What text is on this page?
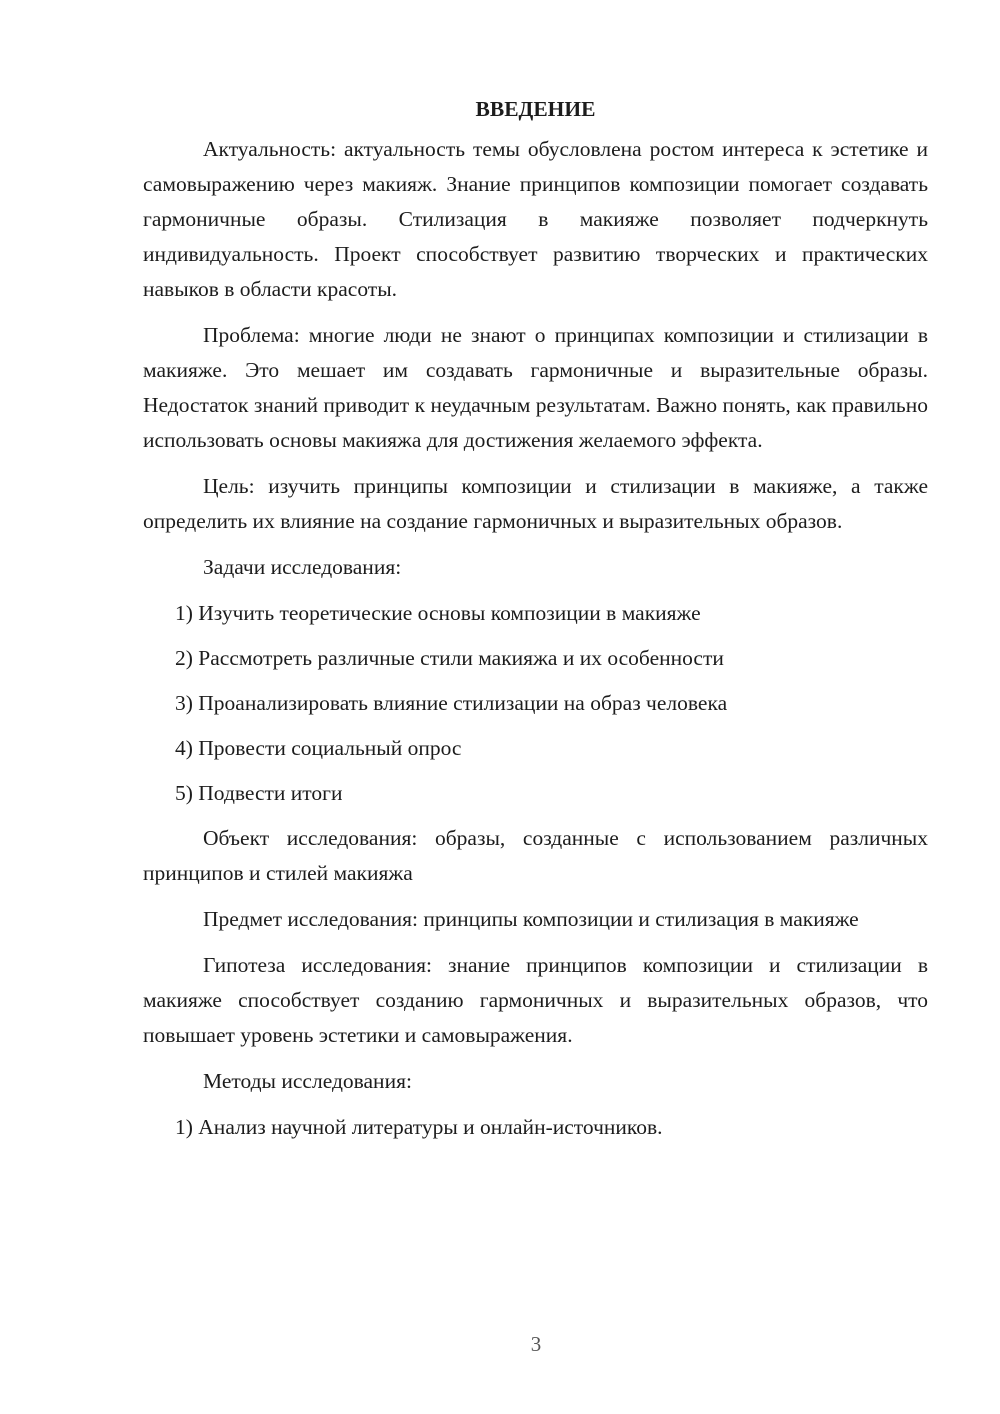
ВВЕДЕНИЕ

Актуальность: актуальность темы обусловлена ростом интереса к эстетике и самовыражению через макияж. Знание принципов композиции помогает создавать гармоничные образы. Стилизация в макияже позволяет подчеркнуть индивидуальность. Проект способствует развитию творческих и практических навыков в области красоты.

Проблема: многие люди не знают о принципах композиции и стилизации в макияже. Это мешает им создавать гармоничные и выразительные образы. Недостаток знаний приводит к неудачным результатам. Важно понять, как правильно использовать основы макияжа для достижения желаемого эффекта.

Цель: изучить принципы композиции и стилизации в макияже, а также определить их влияние на создание гармоничных и выразительных образов.

Задачи исследования:

1) Изучить теоретические основы композиции в макияже
2) Рассмотреть различные стили макияжа и их особенности
3) Проанализировать влияние стилизации на образ человека
4) Провести социальный опрос
5) Подвести итоги

Объект исследования: образы, созданные с использованием различных принципов и стилей макияжа

Предмет исследования: принципы композиции и стилизация в макияже

Гипотеза исследования: знание принципов композиции и стилизации в макияже способствует созданию гармоничных и выразительных образов, что повышает уровень эстетики и самовыражения.

Методы исследования:

1) Анализ научной литературы и онлайн-источников.
3
